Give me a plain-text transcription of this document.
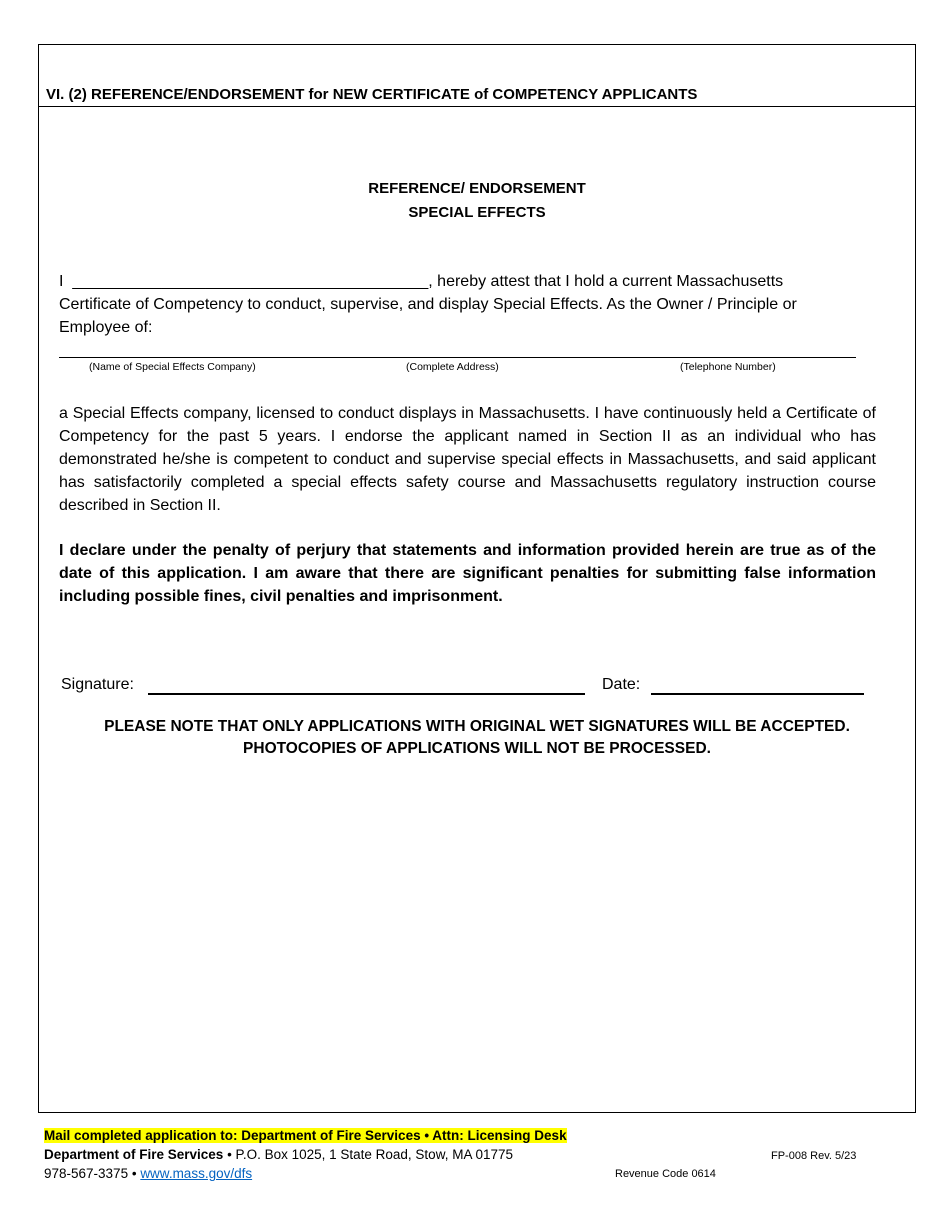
VI. (2) REFERENCE/ENDORSEMENT for NEW CERTIFICATE of COMPETENCY APPLICANTS
REFERENCE/ ENDORSEMENT
SPECIAL EFFECTS
I ________________________________________, hereby attest that I hold a current Massachusetts
Certificate of Competency to conduct, supervise, and display Special Effects. As the Owner / Principle or
Employee of:
(Name of Special Effects Company)	(Complete Address)	(Telephone Number)

a Special Effects company, licensed to conduct displays in Massachusetts. I have continuously held a Certificate of Competency for the past 5 years. I endorse the applicant named in Section II as an individual who has demonstrated he/she is competent to conduct and supervise special effects in Massachusetts, and said applicant has satisfactorily completed a special effects safety course and Massachusetts regulatory instruction course described in Section II.

I declare under the penalty of perjury that statements and information provided herein are true as of the date of this application. I am aware that there are significant penalties for submitting false information including possible fines, civil penalties and imprisonment.

Signature:	Date:
PLEASE NOTE THAT ONLY APPLICATIONS WITH ORIGINAL WET SIGNATURES WILL BE ACCEPTED.
PHOTOCOPIES OF APPLICATIONS WILL NOT BE PROCESSED.
Mail completed application to: Department of Fire Services • Attn: Licensing Desk
Department of Fire Services • P.O. Box 1025, 1 State Road, Stow, MA 01775
978-567-3375 • www.mass.gov/dfs
FP-008 Rev. 5/23
Revenue Code 0614
